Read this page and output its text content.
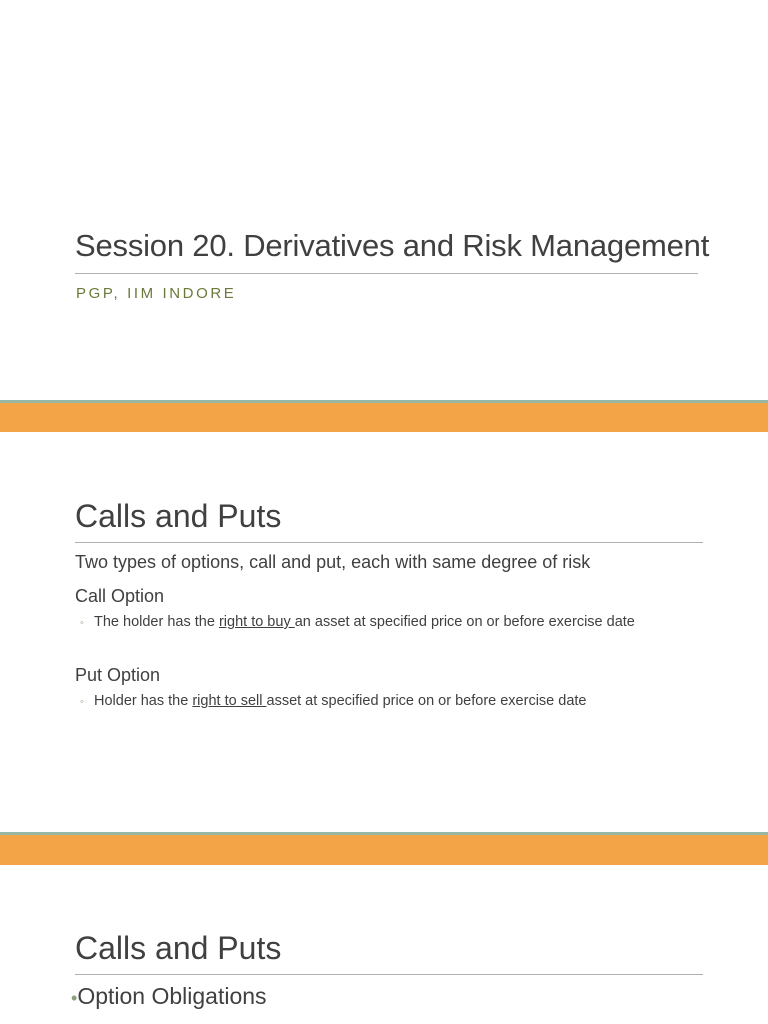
Session 20. Derivatives and Risk Management
PGP, IIM INDORE
Calls and Puts
Two types of options, call and put, each with same degree of risk
Call Option
◦ The holder has the right to buy an asset at specified price on or before exercise date
Put Option
◦ Holder has the right to sell asset at specified price on or before exercise date
Calls and Puts
•Option Obligations
